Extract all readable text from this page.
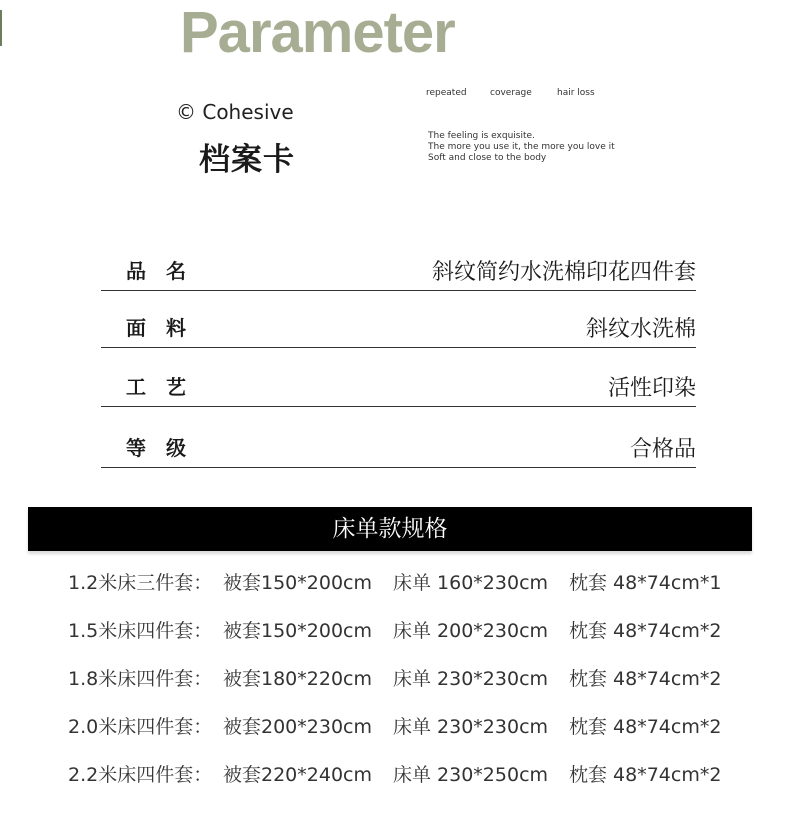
Parameter
© Cohesive
档案卡
repeated	coverage	hair loss
The feeling is exquisite.
The more you use it, the more you love it
Soft and close to the body
品名	斜纹简约水洗棉印花四件套
面料	斜纹水洗棉
工艺	活性印染
等级	合格品
床单款规格
1.2米床三件套： 被套150*200cm 床单 160*230cm 枕套 48*74cm*1
1.5米床四件套： 被套150*200cm 床单 200*230cm 枕套 48*74cm*2
1.8米床四件套： 被套180*220cm 床单 230*230cm 枕套 48*74cm*2
2.0米床四件套： 被套200*230cm 床单 230*230cm 枕套 48*74cm*2
2.2米床四件套： 被套220*240cm 床单 230*250cm 枕套 48*74cm*2
